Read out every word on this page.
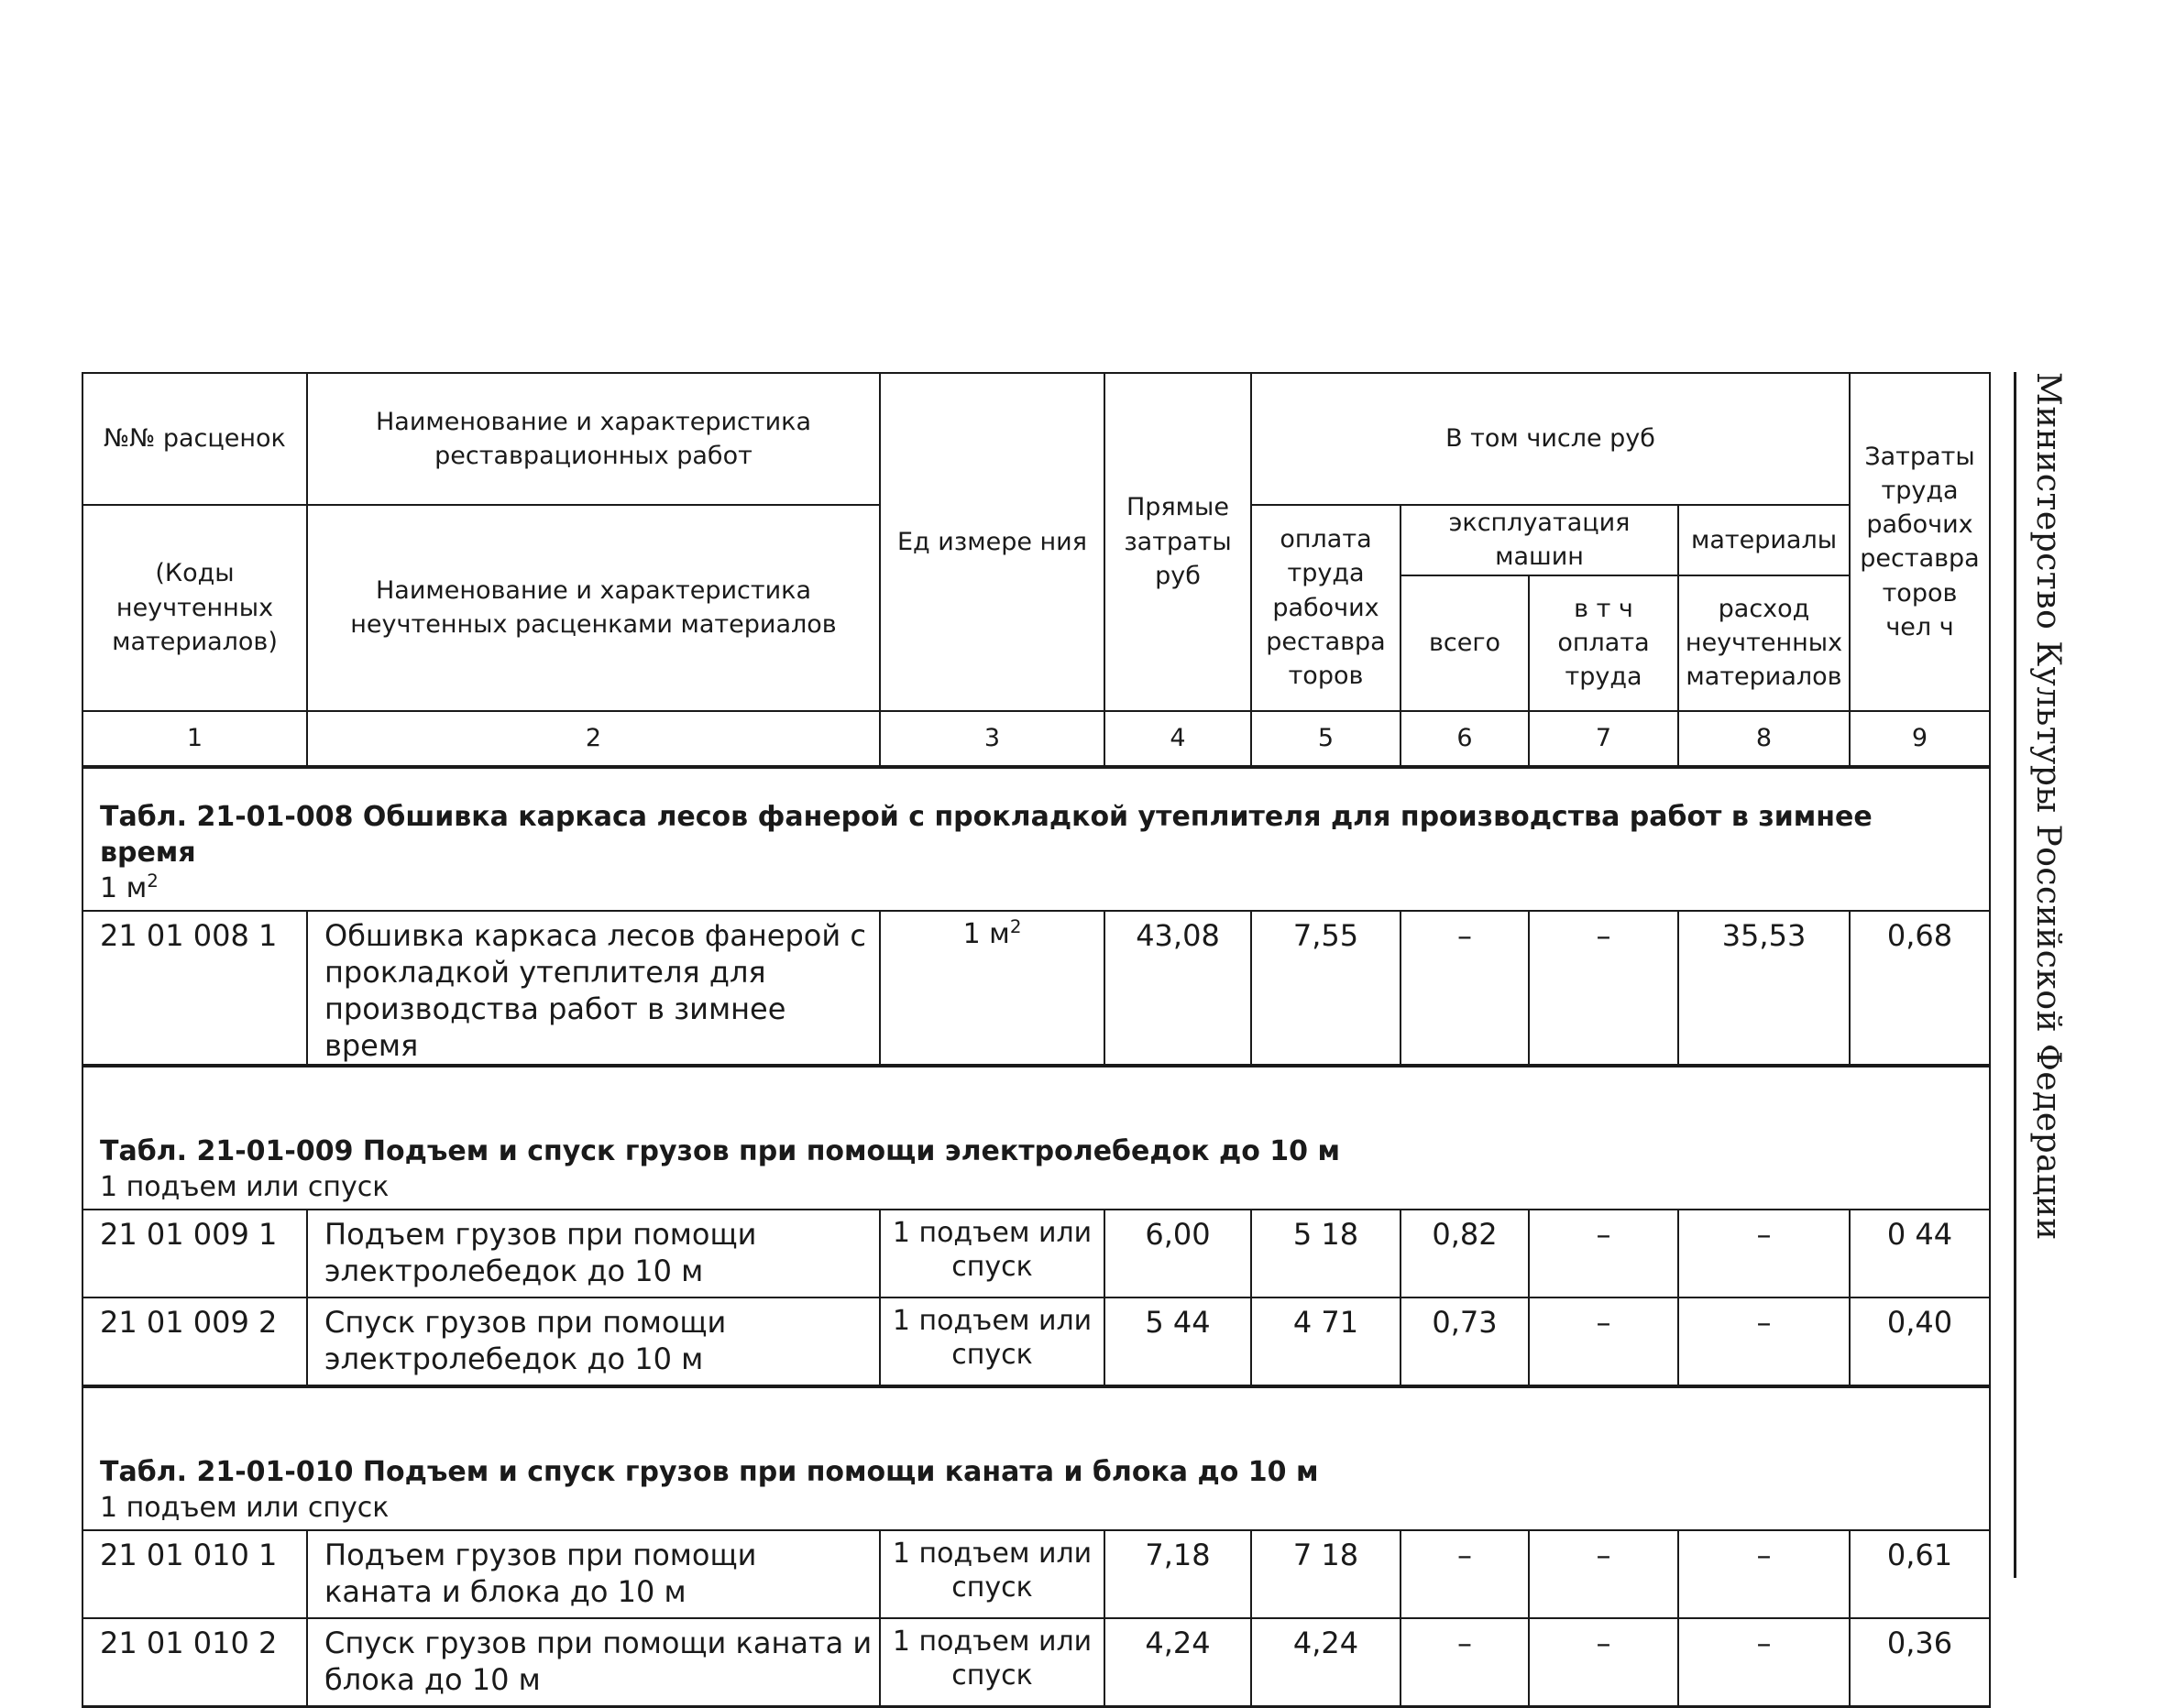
№№ расценок	Наименование и характеристика реставрационных работ	Ед измере ния	Прямые затраты руб	В том числе руб				Затраты труда рабочих реставра торов чел ч
(Коды неучтенных материалов)	Наименование и характеристика неучтенных расценками материалов			оплата труда рабочих реставра торов	эксплуатация машин		материалы	
					всего	в т ч оплата труда	расход неучтенных материалов	
1	2	3	4	5	6	7	8	9

Табл. 21-01-008 Обшивка каркаса лесов фанерой с прокладкой утеплителя для производства работ в зимнее время
1 $м^2$

21 01 008 1	Обшивка каркаса лесов фанерой с прокладкой утеплителя для производства работ в зимнее время	1 $м^2$	43,08	7,55	–	–	35,53	0,68

Табл. 21-01-009 Подъем и спуск грузов при помощи электролебедок до 10 м
1 подъем или спуск								

21 01 009 1	Подъем грузов при помощи электролебедок до 10 м	1 подъем или спуск	6,00	5 18	0,82	–	–	0 44
21 01 009 2	Спуск грузов при помощи электролебедок до 10 м	1 подъем или спуск	5 44	4 71	0,73	–	–	0,40

Табл. 21-01-010 Подъем и спуск грузов при помощи каната и блока до 10 м
1 подъем или спуск								

21 01 010 1	Подъем грузов при помощи каната и блока до 10 м	1 подъем или спуск	7,18	7 18	–	–	–	0,61
21 01 010 2	Спуск грузов при помощи каната и блока до 10 м	1 подъем или спуск	4,24	4,24	–	–	–	0,36
Министерство Культуры Российской Федерации
